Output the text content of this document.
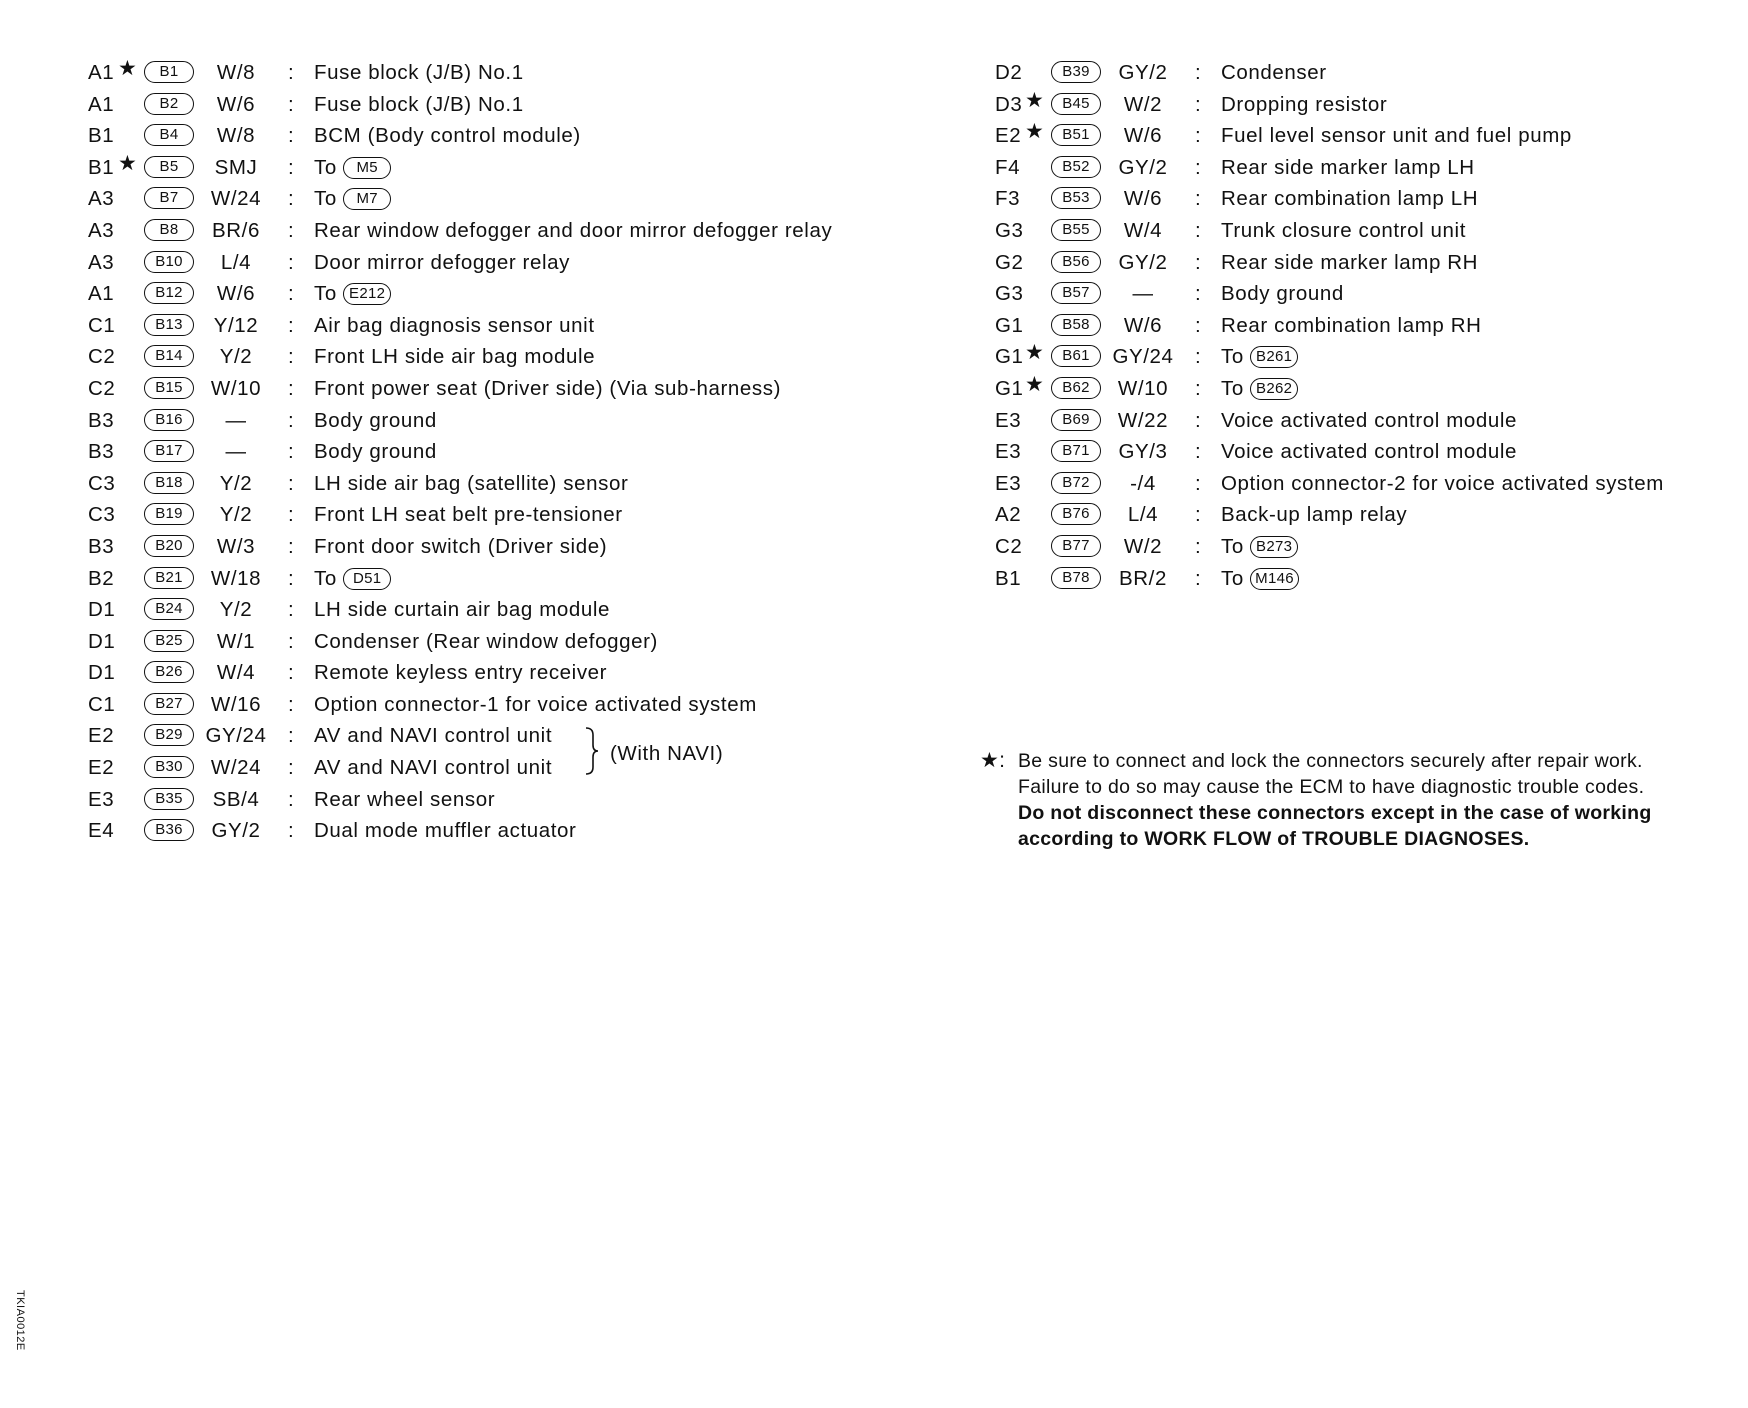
A1 ★	B1	W/8	: Fuse block (J/B) No.1
A1	B2	W/6	: Fuse block (J/B) No.1
B1	B4	W/8	: BCM (Body control module)
B1 ★	B5	SMJ	: To M5
A3	B7	W/24	: To M7
A3	B8	BR/6	: Rear window defogger and door mirror defogger relay
A3	B10	L/4	: Door mirror defogger relay
A1	B12	W/6	: To E212
C1	B13	Y/12	: Air bag diagnosis sensor unit
C2	B14	Y/2	: Front LH side air bag module
C2	B15	W/10	: Front power seat (Driver side) (Via sub-harness)
B3	B16	—	: Body ground
B3	B17	—	: Body ground
C3	B18	Y/2	: LH side air bag (satellite) sensor
C3	B19	Y/2	: Front LH seat belt pre-tensioner
B3	B20	W/3	: Front door switch (Driver side)
B2	B21	W/18	: To D51
D1	B24	Y/2	: LH side curtain air bag module
D1	B25	W/1	: Condenser (Rear window defogger)
D1	B26	W/4	: Remote keyless entry receiver
C1	B27	W/16	: Option connector-1 for voice activated system
E2	B29	GY/24 : AV and NAVI control unit
E2	B30	W/24	: AV and NAVI control unit
E3	B35	SB/4	: Rear wheel sensor
E4	B36	GY/2	: Dual mode muffler actuator
D2	B39	GY/2	: Condenser
D3 ★	B45	W/2	: Dropping resistor
E2 ★	B51	W/6	: Fuel level sensor unit and fuel pump
F4	B52	GY/2	: Rear side marker lamp LH
F3	B53	W/6	: Rear combination lamp LH
G3	B55	W/4	: Trunk closure control unit
G2	B56	GY/2	: Rear side marker lamp RH
G3	B57	—	: Body ground
G1	B58	W/6	: Rear combination lamp RH
G1 ★	B61	GY/24 : To B261
G1 ★	B62	W/10	: To B262
E3	B69	W/22	: Voice activated control module
E3	B71	GY/3	: Voice activated control module
E3	B72	-/4	: Option connector-2 for voice activated system
A2	B76	L/4	: Back-up lamp relay
C2	B77	W/2	: To B273
B1	B78	BR/2	: To M146
(With NAVI)	★: Be sure to connect and lock the connectors securely after repair work.

Failure to do so may cause the ECM to have diagnostic trouble codes.

Do not disconnect these connectors except in the case of working

according to WORK FLOW of TROUBLE DIAGNOSES.

TKIA0012E
